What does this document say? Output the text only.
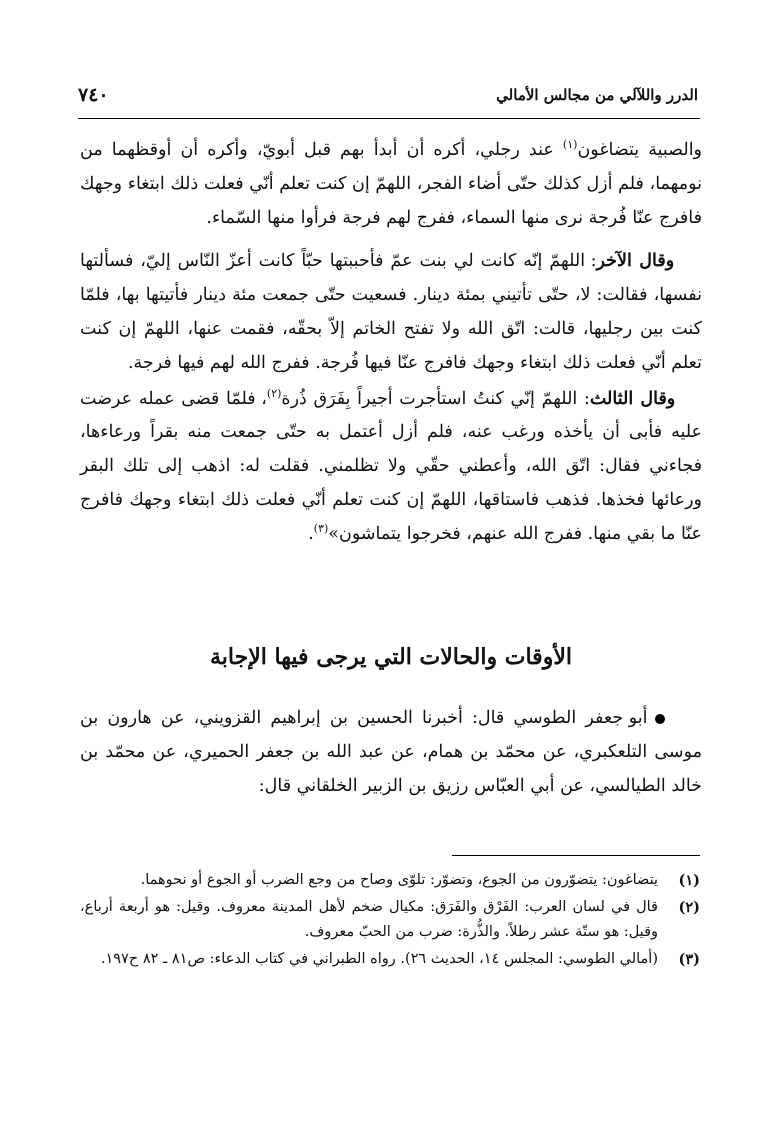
الدرر واللآلي من مجالس الأمالي
٧٤٠

والصبية يتضاغون$^{(١)}$ عند رجلي، أكره أن أبدأ بهم قبل أبويّ، وأكره أن أوقظهما من نومهما، فلم أزل كذلك حتّى أضاء الفجر، اللهمّ إن كنت تعلم أنّي فعلت ذلك ابتغاء وجهك فافرج عنّا فُرجة نرى منها السماء، ففرج لهم فرجة فرأوا منها السّماء.

وقال الآخر: اللهمّ إنّه كانت لي بنت عمّ فأحببتها حبّاً كانت أعزّ النّاس إليّ، فسألتها نفسها، فقالت: لا، حتّى تأتيني بمئة دينار. فسعيت حتّى جمعت مئة دينار فأتيتها بها، فلمّا كنت بين رجليها، قالت: اتّق الله ولا تفتح الخاتم إلاّ بحقّه، فقمت عنها، اللهمّ إن كنت تعلم أنّي فعلت ذلك ابتغاء وجهك فافرج عنّا فيها فُرجة. ففرج الله لهم فيها فرجة.

وقال الثالث: اللهمّ إنّي كنتُ استأجرت أجيراً بِفَرَق ذُرة$^{(٢)}$، فلمّا قضى عمله عرضت عليه فأبى أن يأخذه ورغب عنه، فلم أزل أعتمل به حتّى جمعت منه بقراً ورعاءها، فجاءني فقال: اتّق الله، وأعطني حقّي ولا تظلمني. فقلت له: اذهب إلى تلك البقر ورعائها فخذها. فذهب فاستاقها، اللهمّ إن كنت تعلم أنّي فعلت ذلك ابتغاء وجهك فافرج عنّا ما بقي منها. ففرج الله عنهم، فخرجوا يتماشون»$^{(٣)}$.

الأوقات والحالات التي يرجى فيها الإجابة

أبو جعفر الطوسي قال: أخبرنا الحسين بن إبراهيم القزويني، عن هارون بن موسى التلعكبري، عن محمّد بن همام، عن عبد الله بن جعفر الحميري، عن محمّد بن خالد الطيالسي، عن أبي العبّاس رزيق بن الزبير الخلقاني قال:

(١)
يتضاغون: يتضوّرون من الجوع، وتضوّر: تلوّى وصاح من وجع الضرب أو الجوع أو نحوهما.
(٢)
قال في لسان العرب: الفَرْق والفَرَق: مكيال ضخم لأهل المدينة معروف. وقيل: هو أربعة أرباع، وقيل: هو ستّة عشر رطلاً. والذُّرة: ضرب من الحبّ معروف.
(٣)
(أمالي الطوسي: المجلس ١٤، الحديث ٢٦). رواه الطبراني في كتاب الدعاء: ص٨١ ـ ٨٢ ح١٩٧.
